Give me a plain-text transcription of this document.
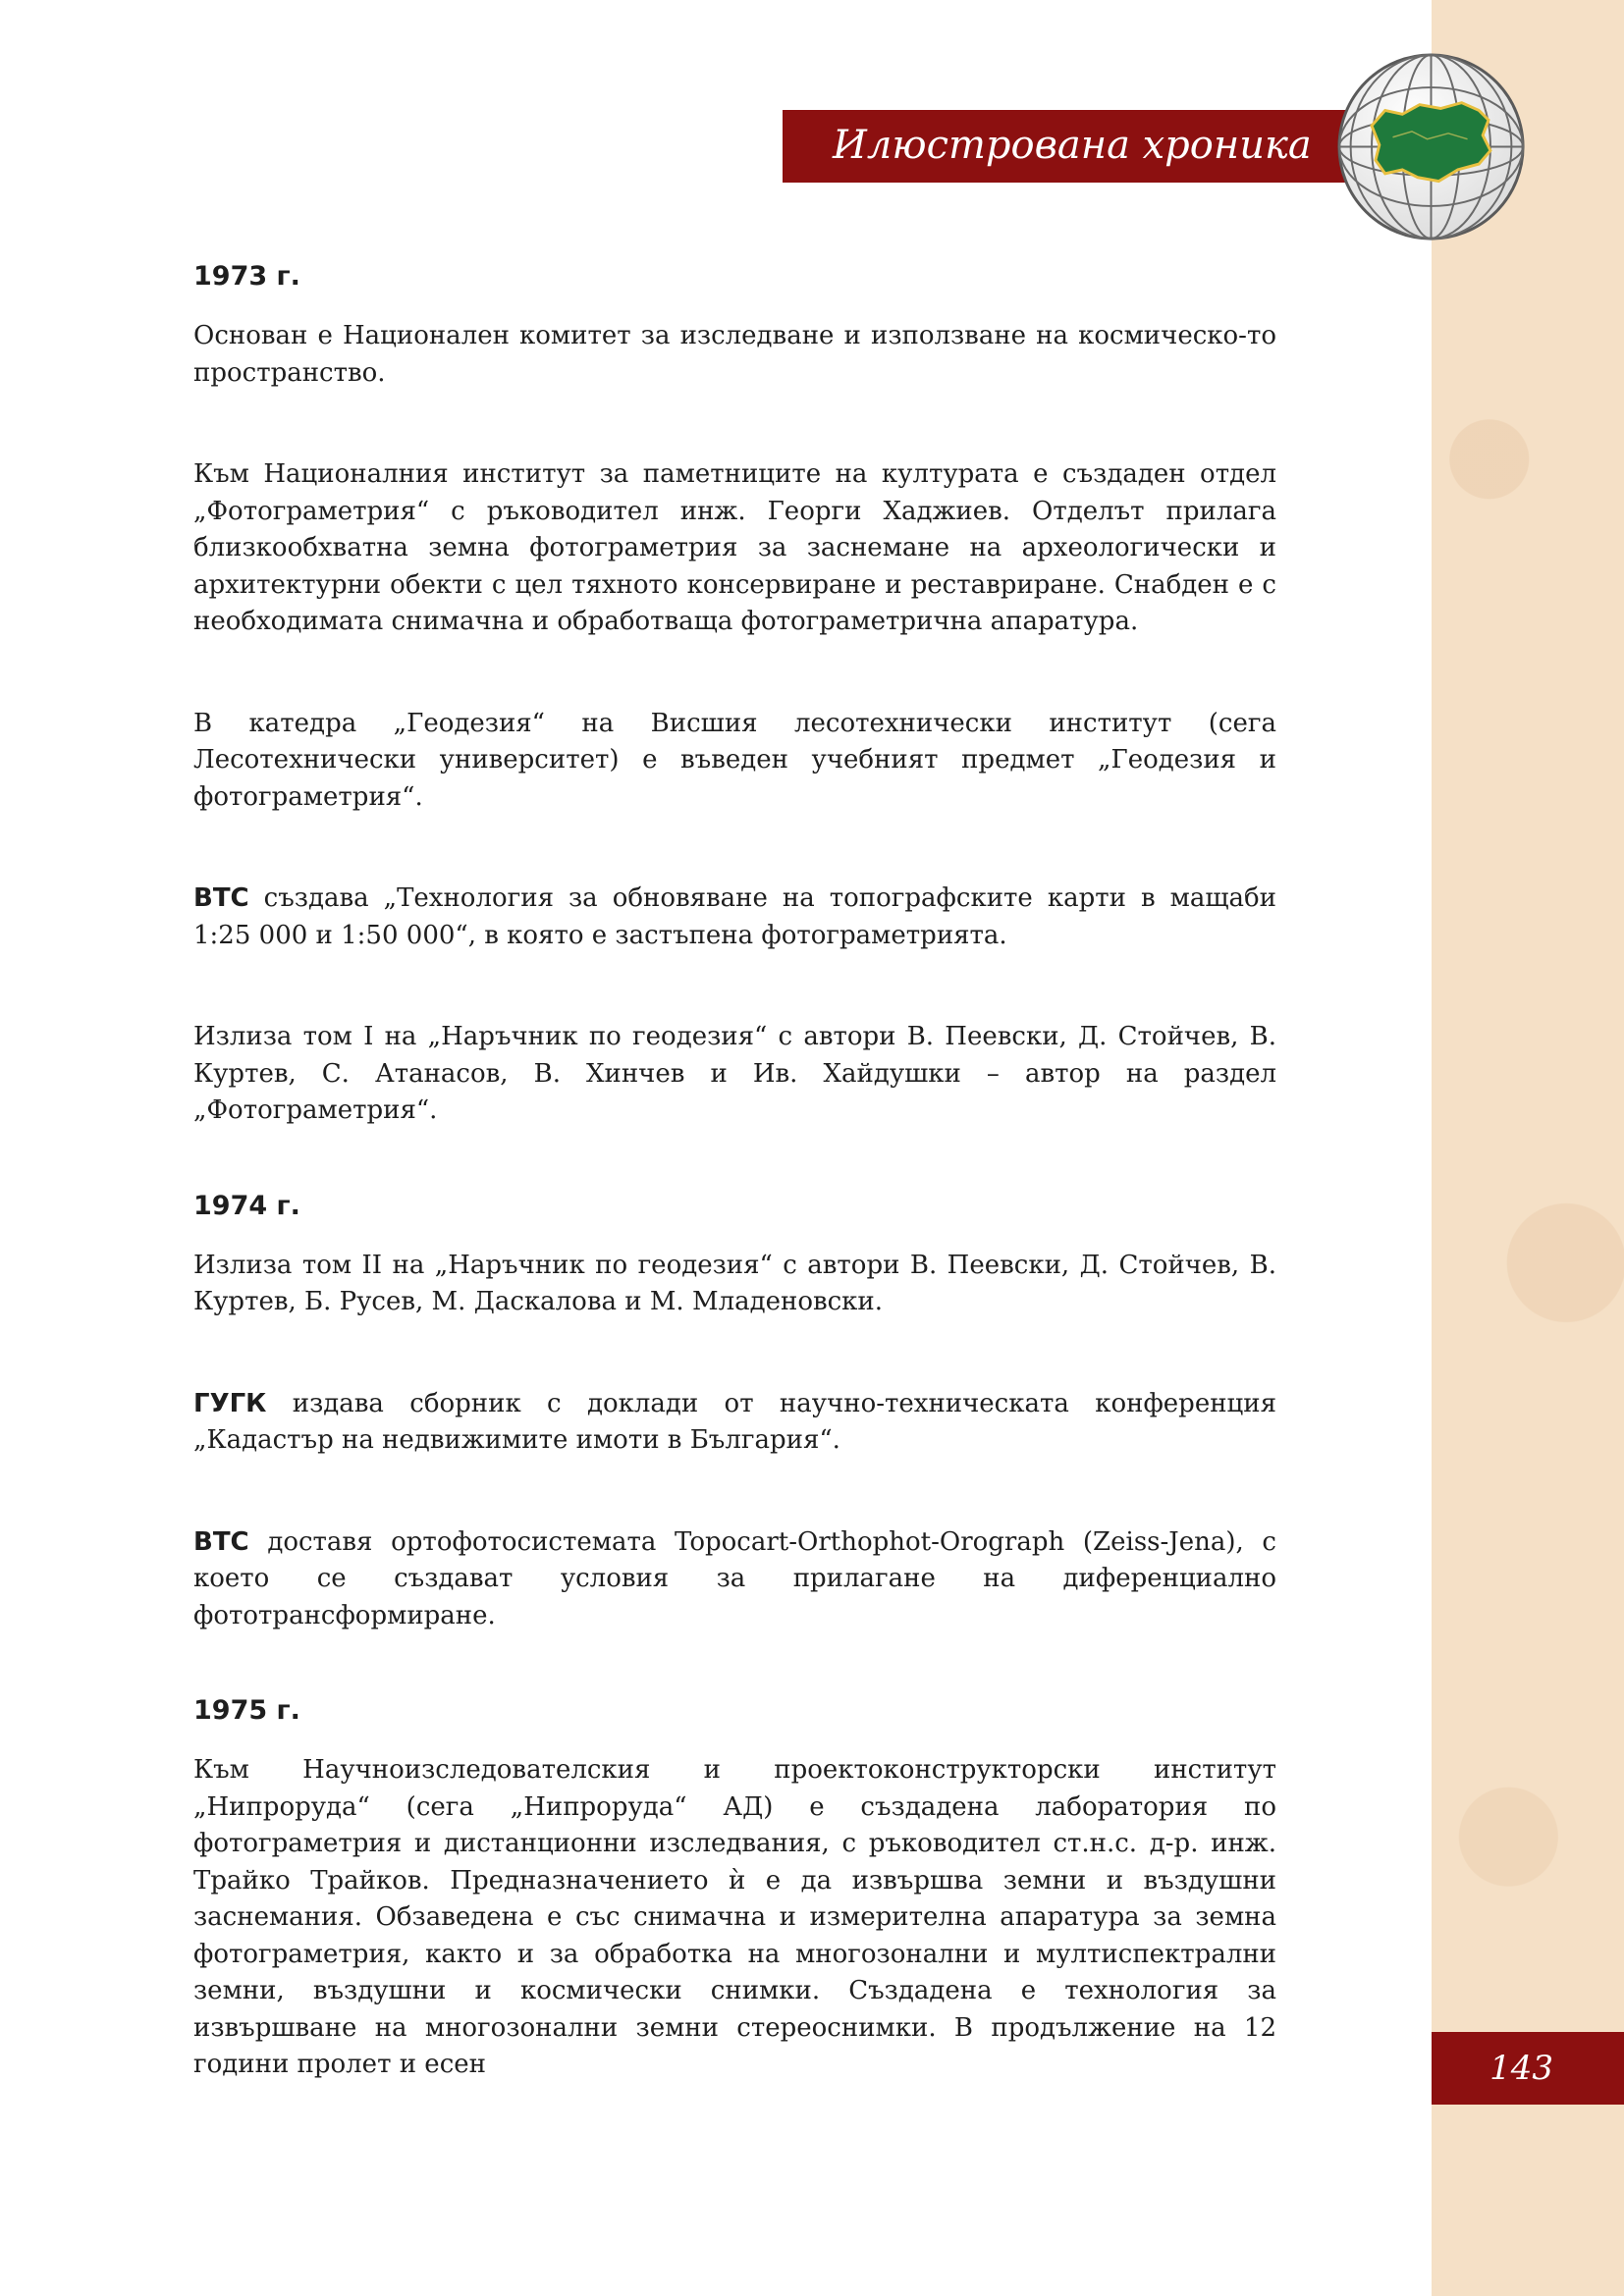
Илюстрована хроника
143
1973 г.

Основан е Национален комитет за изследване и използване на космическо-то пространство.

Към Националния институт за паметниците на културата е създаден отдел „Фотограметрия“ с ръководител инж. Георги Хаджиев. Отделът прилага близкообхватна земна фотограметрия за заснемане на археологически и архитектурни обекти с цел тяхното консервиране и реставриране. Снабден е с необходимата снимачна и обработваща фотограметрична апаратура.

В катедра „Геодезия“ на Висшия лесотехнически институт (сега Лесотехнически университет) е въведен учебният предмет „Геодезия и фотограметрия“.

ВТС създава „Технология за обновяване на топографските карти в мащаби 1:25 000 и 1:50 000“, в която е застъпена фотограметрията.

Излиза том I на „Наръчник по геодезия“ с автори В. Пеевски, Д. Стойчев, В. Куртев, С. Атанасов, В. Хинчев и Ив. Хайдушки – автор на раздел „Фотограметрия“.

1974 г.

Излиза том II на „Наръчник по геодезия“ с автори В. Пеевски, Д. Стойчев, В. Куртев, Б. Русев, М. Даскалова и М. Младеновски.

ГУГК издава сборник с доклади от научно-техническата конференция „Кадастър на недвижимите имоти в България“.

ВТС доставя ортофотосистемата Topocart-Orthophot-Orograph (Zeiss-Jena), с което се създават условия за прилагане на диференциално фототрансформиране.

1975 г.

Към Научноизследователския и проектоконструкторски институт „Нипроруда“ (сега „Нипроруда“ АД) е създадена лаборатория по фотограметрия и дистанционни изследвания, с ръководител ст.н.с. д-р. инж. Трайко Трайков. Предназначението ѝ е да извършва земни и въздушни заснемания. Обзаведена е със снимачна и измерителна апаратура за земна фотограметрия, както и за обработка на многозонални и мултиспектрални земни, въздушни и космически снимки. Създадена е технология за извършване на многозонални земни стереоснимки. В продължение на 12 години пролет и есен
